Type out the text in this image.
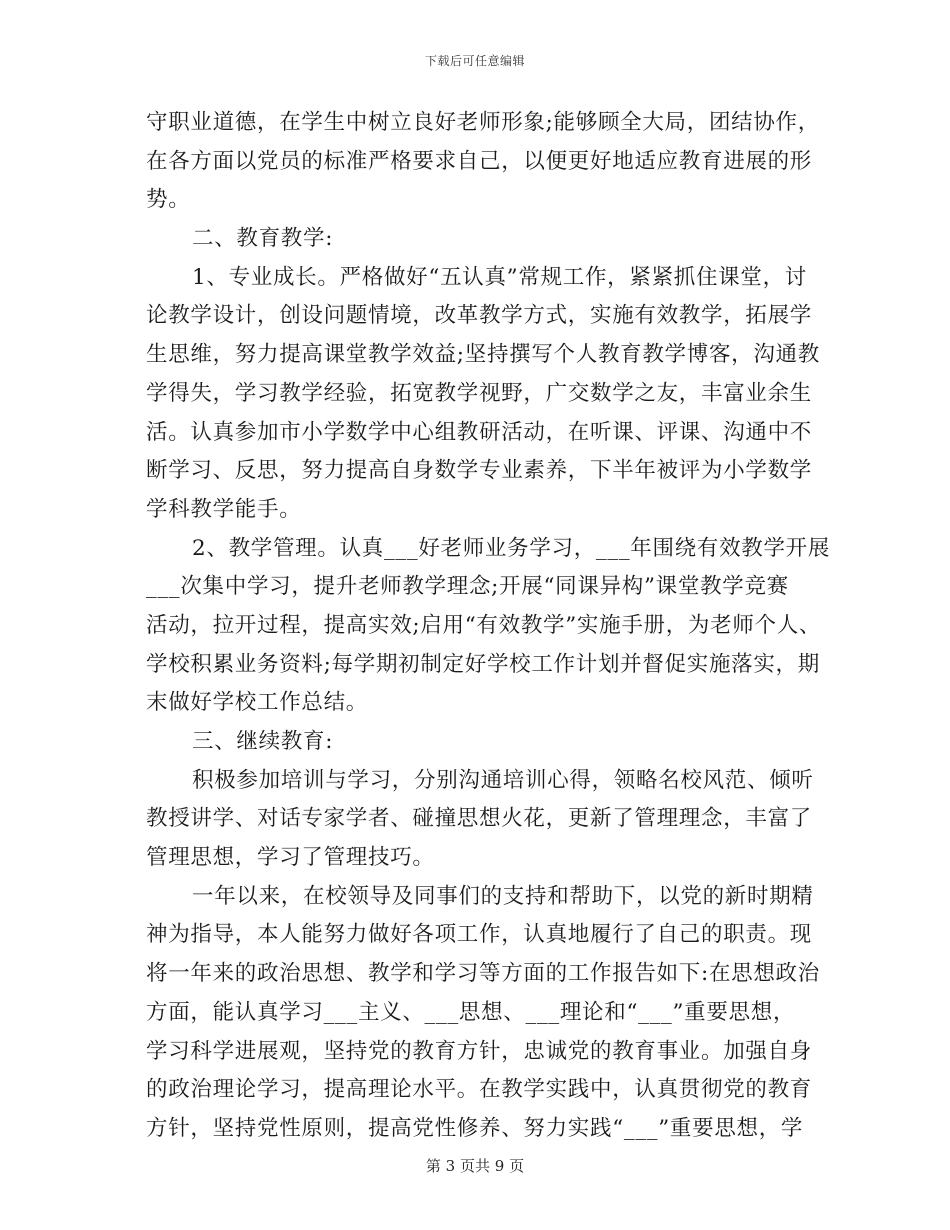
下载后可任意编辑
守职业道德，在学生中树立良好老师形象;能够顾全大局，团结协作，
在各方面以党员的标准严格要求自己，以便更好地适应教育进展的形
势。
二、教育教学:
1、专业成长。严格做好“五认真”常规工作，紧紧抓住课堂，讨
论教学设计，创设问题情境，改革教学方式，实施有效教学，拓展学
生思维，努力提高课堂教学效益;坚持撰写个人教育教学博客，沟通教
学得失，学习教学经验，拓宽教学视野，广交数学之友，丰富业余生
活。认真参加市小学数学中心组教研活动，在听课、评课、沟通中不
断学习、反思，努力提高自身数学专业素养，下半年被评为小学数学
学科教学能手。
2、教学管理。认真___好老师业务学习，___年围绕有效教学开展
___次集中学习，提升老师教学理念;开展“同课异构”课堂教学竞赛
活动，拉开过程，提高实效;启用“有效教学”实施手册，为老师个人、
学校积累业务资料;每学期初制定好学校工作计划并督促实施落实，期
末做好学校工作总结。
三、继续教育:
积极参加培训与学习，分别沟通培训心得，领略名校风范、倾听
教授讲学、对话专家学者、碰撞思想火花，更新了管理理念，丰富了
管理思想，学习了管理技巧。
一年以来，在校领导及同事们的支持和帮助下，以党的新时期精
神为指导，本人能努力做好各项工作，认真地履行了自己的职责。现
将一年来的政治思想、教学和学习等方面的工作报告如下:在思想政治
方面，能认真学习___主义、___思想、___理论和“___”重要思想，
学习科学进展观，坚持党的教育方针，忠诚党的教育事业。加强自身
的政治理论学习，提高理论水平。在教学实践中，认真贯彻党的教育
方针，坚持党性原则，提高党性修养、努力实践“___”重要思想，学
第 3 页共 9 页
